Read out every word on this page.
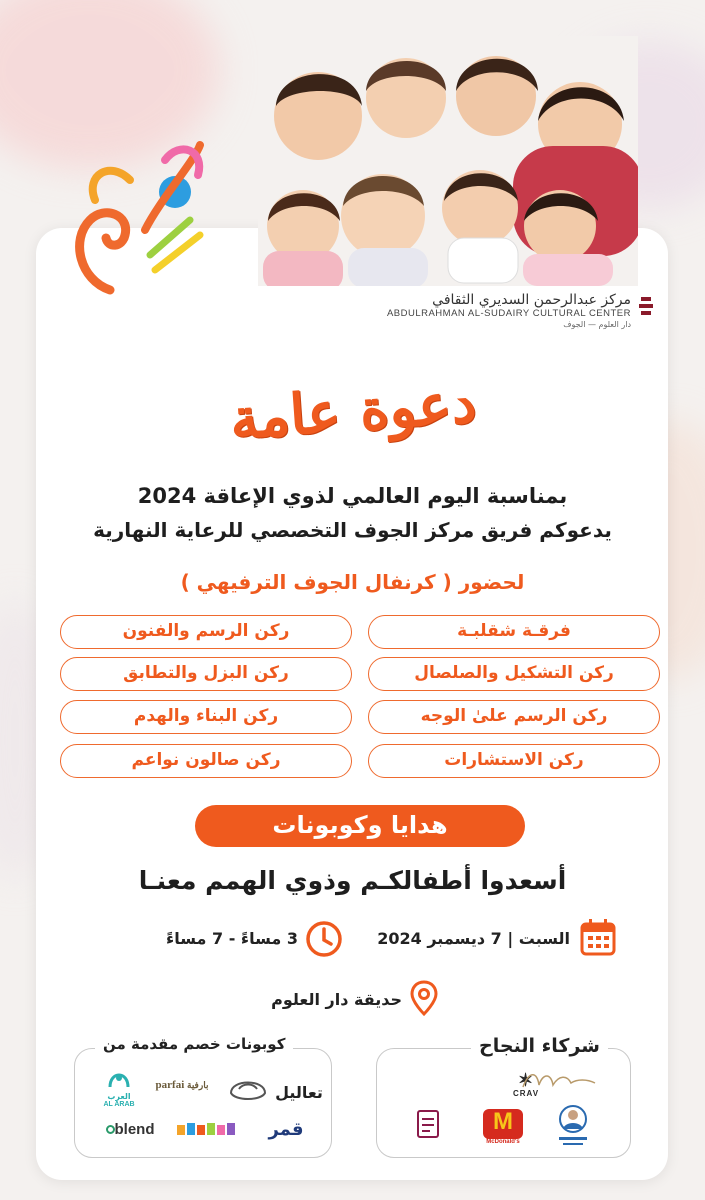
مركز عبدالرحمن السديري الثقافي
ABDULRAHMAN AL-SUDAIRY CULTURAL CENTER
دار العلوم — الجوف
دعوة عامة
بمناسبة اليوم العالمي لذوي الإعاقة 2024
يدعوكم فريق مركز الجوف التخصصي للرعاية النهارية
لحضور ( كرنفال الجوف الترفيهي )
فرقـة شقلبـة
ركن التشكيل والصلصال
ركن الرسم علىٰ الوجه
ركن الاستشارات
ركن الرسم والفنون
ركن البزل والتطابق
ركن البناء والهدم
ركن صالون نواعم
هدايا وكوبونات
أسعدوا أطفالكـم وذوي الهمم معنـا
السبت | 7 ديسمبر 2024
3 مساءً - 7 مساءً
حديقة دار العلوم
كوبونات خصم مقدمة من
العرب
AL ARAB
parfai بارفية	تعاليل
blend	قمر
شركاء النجاح
✶
CRAV
M
McDonald's
